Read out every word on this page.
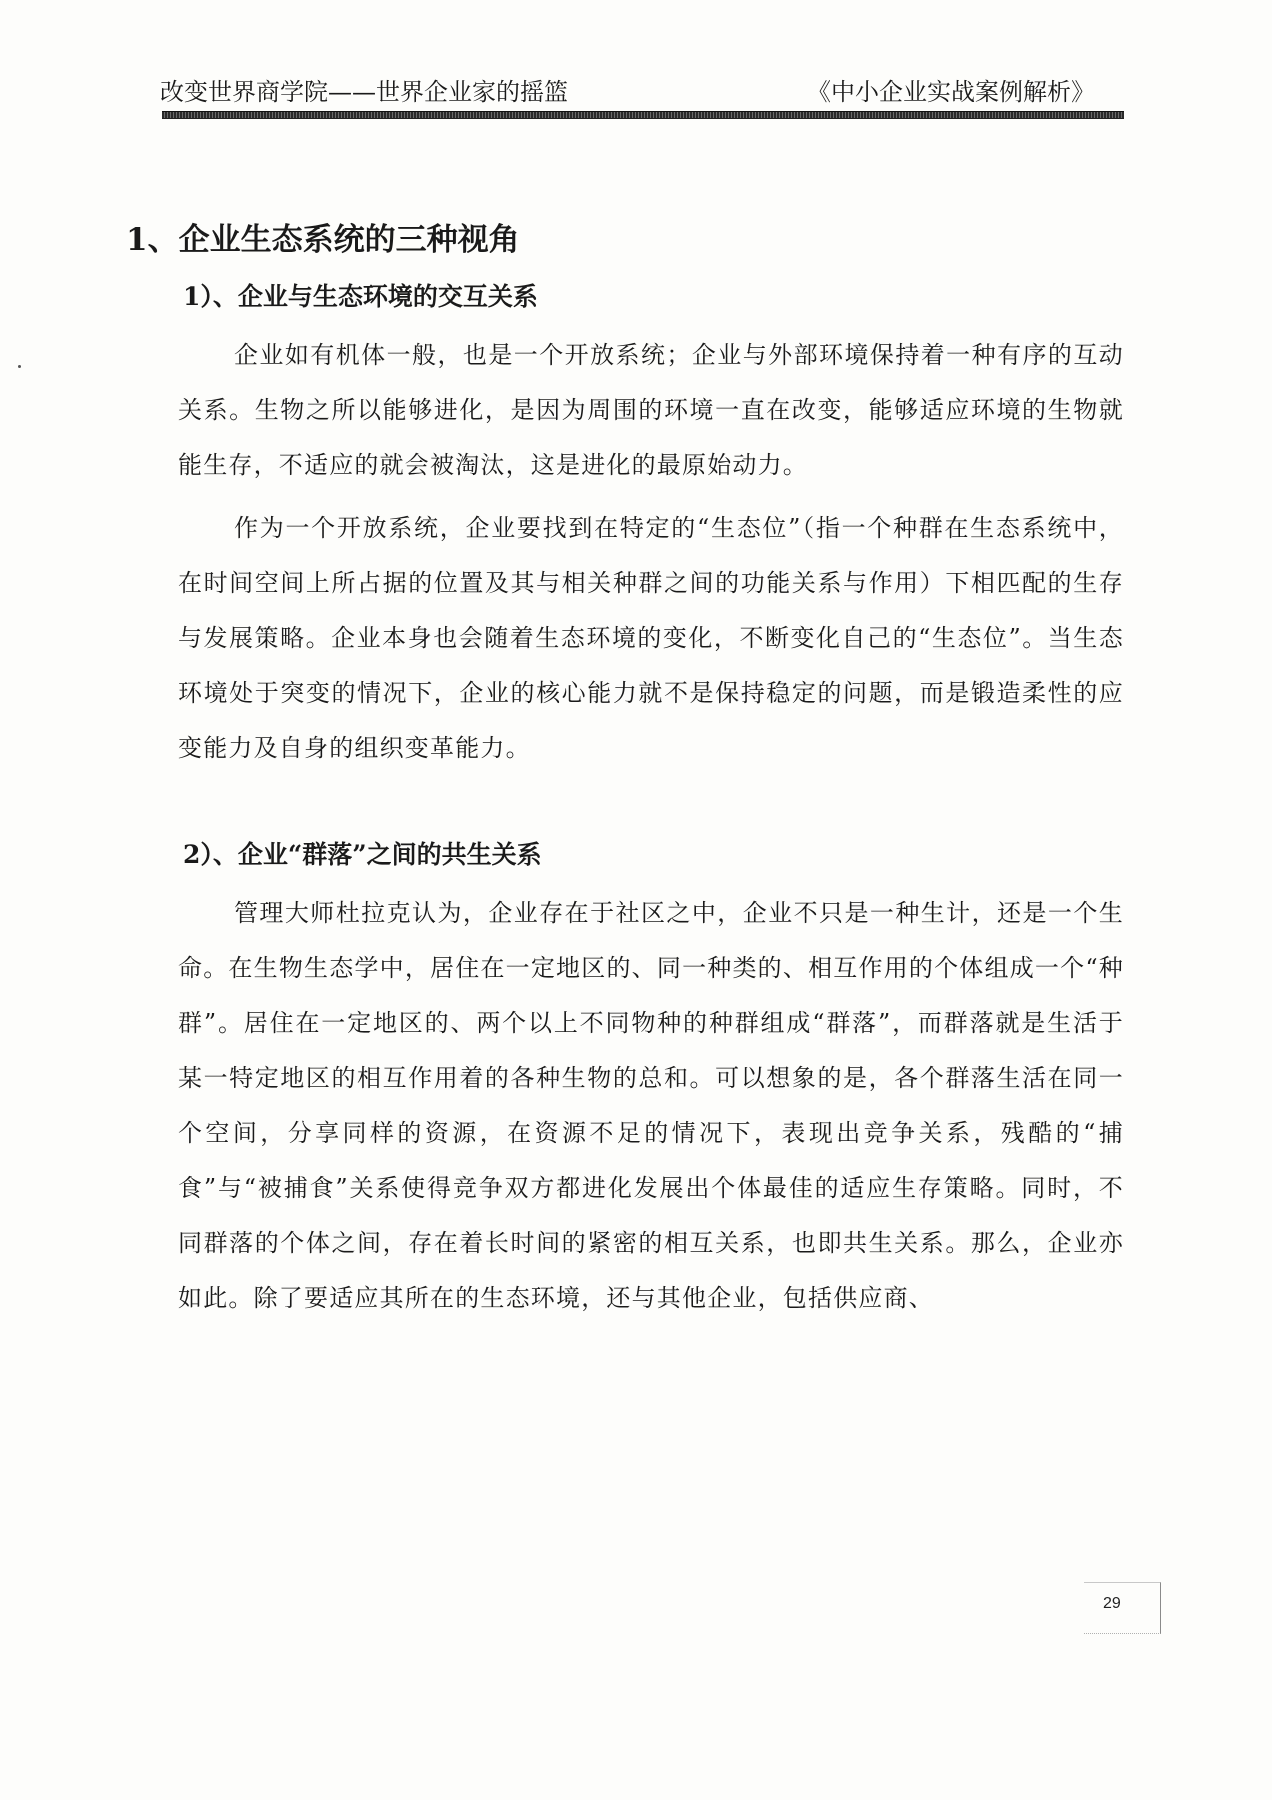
改变世界商学院——世界企业家的摇篮	《中小企业实战案例解析》
1、企业生态系统的三种视角
1）、企业与生态环境的交互关系

企业如有机体一般，也是一个开放系统；企业与外部环境保持着一种有序的互动关系。生物之所以能够进化，是因为周围的环境一直在改变，能够适应环境的生物就能生存，不适应的就会被淘汰，这是进化的最原始动力。

作为一个开放系统，企业要找到在特定的“生态位”（指一个种群在生态系统中，在时间空间上所占据的位置及其与相关种群之间的功能关系与作用）下相匹配的生存与发展策略。企业本身也会随着生态环境的变化，不断变化自己的“生态位”。当生态环境处于突变的情况下，企业的核心能力就不是保持稳定的问题，而是锻造柔性的应变能力及自身的组织变革能力。

2）、企业“群落”之间的共生关系

管理大师杜拉克认为，企业存在于社区之中，企业不只是一种生计，还是一个生命。在生物生态学中，居住在一定地区的、同一种类的、相互作用的个体组成一个“种群”。居住在一定地区的、两个以上不同物种的种群组成“群落”，而群落就是生活于某一特定地区的相互作用着的各种生物的总和。可以想象的是，各个群落生活在同一个空间，分享同样的资源，在资源不足的情况下，表现出竞争关系，残酷的“捕食”与“被捕食”关系使得竞争双方都进化发展出个体最佳的适应生存策略。同时，不同群落的个体之间，存在着长时间的紧密的相互关系，也即共生关系。那么，企业亦如此。除了要适应其所在的生态环境，还与其他企业，包括供应商、

29
